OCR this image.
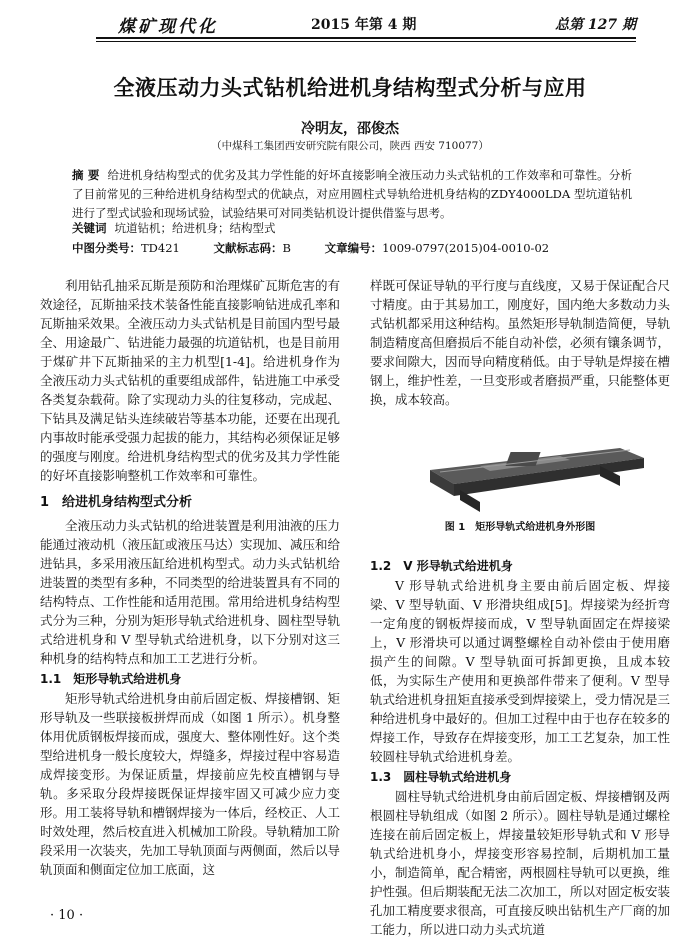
煤矿现代化	2015 年第 4 期	总第 127 期
全液压动力头式钻机给进机身结构型式分析与应用
冷明友，邵俊杰
（中煤科工集团西安研究院有限公司，陕西 西安 710077）
摘 要 给进机身结构型式的优劣及其力学性能的好坏直接影响全液压动力头式钻机的工作效率和可靠性。分析了目前常见的三种给进机身结构型式的优缺点，对应用圆柱式导轨给进机身结构的ZDY4000LDA 型坑道钻机进行了型式试验和现场试验，试验结果可对同类钻机设计提供借鉴与思考。
关键词 坑道钻机；给进机身；结构型式
中图分类号：TD421	文献标志码：B	文章编号：1009-0797(2015)04-0010-02

利用钻孔抽采瓦斯是预防和治理煤矿瓦斯危害的有效途径，瓦斯抽采技术装备性能直接影响钻进成孔率和瓦斯抽采效果。全液压动力头式钻机是目前国内型号最全、用途最广、钻进能力最强的坑道钻机，也是目前用于煤矿井下瓦斯抽采的主力机型[1-4]。给进机身作为全液压动力头式钻机的重要组成部件，钻进施工中承受各类复杂载荷。除了实现动力头的往复移动，完成起、下钻具及满足钻头连续破岩等基本功能，还要在出现孔内事故时能承受强力起拔的能力，其结构必须保证足够的强度与刚度。给进机身结构型式的优劣及其力学性能的好坏直接影响整机工作效率和可靠性。

1　给进机身结构型式分析

全液压动力头式钻机的给进装置是利用油液的压力能通过液动机（液压缸或液压马达）实现加、减压和给进钻具，多采用液压缸给进机构型式。动力头式钻机给进装置的类型有多种，不同类型的给进装置具有不同的结构特点、工作性能和适用范围。常用给进机身结构型式分为三种，分别为矩形导轨式给进机身、圆柱型导轨式给进机身和 V 型导轨式给进机身，以下分别对这三种机身的结构特点和加工工艺进行分析。

1.1　矩形导轨式给进机身

矩形导轨式给进机身由前后固定板、焊接槽钢、矩形导轨及一些联接板拼焊而成（如图 1 所示）。机身整体用优质钢板焊接而成，强度大、整体刚性好。这个类型给进机身一般长度较大，焊缝多，焊接过程中容易造成焊接变形。为保证质量，焊接前应先校直槽钢与导轨。多采取分段焊接既保证焊接牢固又可减少应力变形。用工装将导轨和槽钢焊接为一体后，经校正、人工时效处理，然后校直进入机械加工阶段。导轨精加工阶段采用一次装夹，先加工导轨顶面与两侧面，然后以导轨顶面和侧面定位加工底面，这

样既可保证导轨的平行度与直线度，又易于保证配合尺寸精度。由于其易加工，刚度好，国内绝大多数动力头式钻机都采用这种结构。虽然矩形导轨制造简便，导轨制造精度高但磨损后不能自动补偿，必须有镶条调节，要求间隙大，因而导向精度稍低。由于导轨是焊接在槽钢上，维护性差，一旦变形或者磨损严重，只能整体更换，成本较高。

1.2　V 形导轨式给进机身

V 形导轨式给进机身主要由前后固定板、焊接梁、V 型导轨面、V 形滑块组成[5]。焊接梁为经折弯一定角度的钢板焊接而成，V 型导轨面固定在焊接梁上，V 形滑块可以通过调整螺栓自动补偿由于使用磨损产生的间隙。V 型导轨面可拆卸更换，且成本较低，为实际生产使用和更换部件带来了便利。V 型导轨式给进机身扭矩直接承受到焊接梁上，受力情况是三种给进机身中最好的。但加工过程中由于也存在较多的焊接工作，导致存在焊接变形，加工工艺复杂，加工性较圆柱导轨式给进机身差。

1.3　圆柱导轨式给进机身

圆柱导轨式给进机身由前后固定板、焊接槽钢及两根圆柱导轨组成（如图 2 所示）。圆柱导轨是通过螺栓连接在前后固定板上，焊接量较矩形导轨式和 V 形导轨式给进机身小，焊接变形容易控制，后期机加工量小，制造简单，配合精密，两根圆柱导轨可以更换，维护性强。但后期装配无法二次加工，所以对固定板安装孔加工精度要求很高，可直接反映出钻机生产厂商的加工能力，所以进口动力头式坑道

图 1　矩形导轨式给进机身外形图
· 10 ·
